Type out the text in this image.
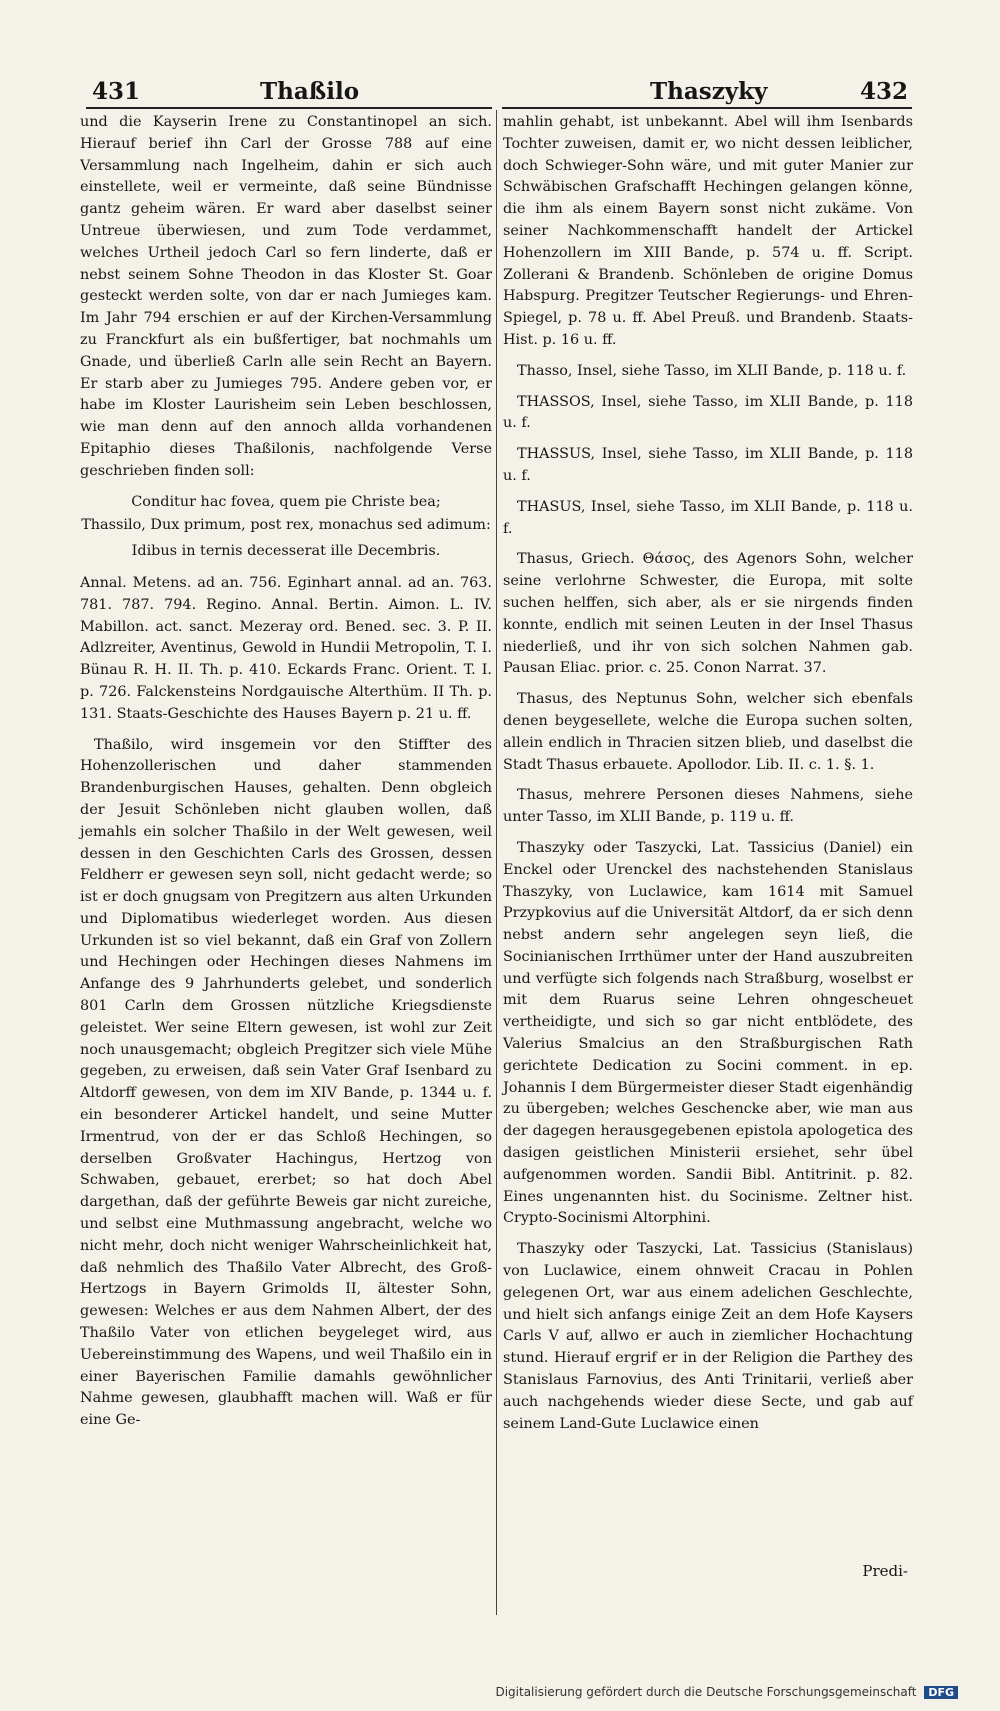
431	Thaßilo	Thaszyky	432

und die Kayserin Irene zu Constantinopel an sich. Hierauf berief ihn Carl der Grosse 788 auf eine Versammlung nach Ingelheim, dahin er sich auch einstellete, weil er vermeinte, daß seine Bündnisse gantz geheim wären. Er ward aber daselbst seiner Untreue überwiesen, und zum Tode verdammet, welches Urtheil jedoch Carl so fern linderte, daß er nebst seinem Sohne Theodon in das Kloster St. Goar gesteckt werden solte, von dar er nach Jumieges kam. Im Jahr 794 erschien er auf der Kirchen-Versammlung zu Franckfurt als ein bußfertiger, bat nochmahls um Gnade, und überließ Carln alle sein Recht an Bayern. Er starb aber zu Jumieges 795. Andere geben vor, er habe im Kloster Laurisheim sein Leben beschlossen, wie man denn auf den annoch allda vorhandenen Epitaphio dieses Thaßilonis, nachfolgende Verse geschrieben finden soll:

Conditur hac fovea, quem pie Christe bea;

Thassilo, Dux primum, post rex, monachus sed adimum:

Idibus in ternis decesserat ille Decembris.

Annal. Metens. ad an. 756. Eginhart annal. ad an. 763. 781. 787. 794. Regino. Annal. Bertin. Aimon. L. IV. Mabillon. act. sanct. Mezeray ord. Bened. sec. 3. P. II. Adlzreiter, Aventinus, Gewold in Hundii Metropolin, T. I. Bünau R. H. II. Th. p. 410. Eckards Franc. Orient. T. I. p. 726. Falckensteins Nordgauische Alterthüm. II Th. p. 131. Staats-Geschichte des Hauses Bayern p. 21 u. ff.

Thaßilo, wird insgemein vor den Stiffter des Hohenzollerischen und daher stammenden Brandenburgischen Hauses, gehalten. Denn obgleich der Jesuit Schönleben nicht glauben wollen, daß jemahls ein solcher Thaßilo in der Welt gewesen, weil dessen in den Geschichten Carls des Grossen, dessen Feldherr er gewesen seyn soll, nicht gedacht werde; so ist er doch gnugsam von Pregitzern aus alten Urkunden und Diplomatibus wiederleget worden. Aus diesen Urkunden ist so viel bekannt, daß ein Graf von Zollern und Hechingen oder Hechingen dieses Nahmens im Anfange des 9 Jahrhunderts gelebet, und sonderlich 801 Carln dem Grossen nützliche Kriegsdienste geleistet. Wer seine Eltern gewesen, ist wohl zur Zeit noch unausgemacht; obgleich Pregitzer sich viele Mühe gegeben, zu erweisen, daß sein Vater Graf Isenbard zu Altdorff gewesen, von dem im XIV Bande, p. 1344 u. f. ein besonderer Artickel handelt, und seine Mutter Irmentrud, von der er das Schloß Hechingen, so derselben Großvater Hachingus, Hertzog von Schwaben, gebauet, ererbet; so hat doch Abel dargethan, daß der geführte Beweis gar nicht zureiche, und selbst eine Muthmassung angebracht, welche wo nicht mehr, doch nicht weniger Wahrscheinlichkeit hat, daß nehmlich des Thaßilo Vater Albrecht, des Groß-Hertzogs in Bayern Grimolds II, ältester Sohn, gewesen: Welches er aus dem Nahmen Albert, der des Thaßilo Vater von etlichen beygeleget wird, aus Uebereinstimmung des Wapens, und weil Thaßilo ein in einer Bayerischen Familie damahls gewöhnlicher Nahme gewesen, glaubhafft machen will. Waß er für eine Ge-

mahlin gehabt, ist unbekannt. Abel will ihm Isenbards Tochter zuweisen, damit er, wo nicht dessen leiblicher, doch Schwieger-Sohn wäre, und mit guter Manier zur Schwäbischen Grafschafft Hechingen gelangen könne, die ihm als einem Bayern sonst nicht zukäme. Von seiner Nachkommenschafft handelt der Artickel Hohenzollern im XIII Bande, p. 574 u. ff. Script. Zollerani & Brandenb. Schönleben de origine Domus Habspurg. Pregitzer Teutscher Regierungs- und Ehren-Spiegel, p. 78 u. ff. Abel Preuß. und Brandenb. Staats-Hist. p. 16 u. ff.

Thasso, Insel, siehe Tasso, im XLII Bande, p. 118 u. f.

THASSOS, Insel, siehe Tasso, im XLII Bande, p. 118 u. f.

THASSUS, Insel, siehe Tasso, im XLII Bande, p. 118 u. f.

THASUS, Insel, siehe Tasso, im XLII Bande, p. 118 u. f.

Thasus, Griech. Θάσος, des Agenors Sohn, welcher seine verlohrne Schwester, die Europa, mit solte suchen helffen, sich aber, als er sie nirgends finden konnte, endlich mit seinen Leuten in der Insel Thasus niederließ, und ihr von sich solchen Nahmen gab. Pausan Eliac. prior. c. 25. Conon Narrat. 37.

Thasus, des Neptunus Sohn, welcher sich ebenfals denen beygesellete, welche die Europa suchen solten, allein endlich in Thracien sitzen blieb, und daselbst die Stadt Thasus erbauete. Apollodor. Lib. II. c. 1. §. 1.

Thasus, mehrere Personen dieses Nahmens, siehe unter Tasso, im XLII Bande, p. 119 u. ff.

Thaszyky oder Taszycki, Lat. Tassicius (Daniel) ein Enckel oder Urenckel des nachstehenden Stanislaus Thaszyky, von Luclawice, kam 1614 mit Samuel Przypkovius auf die Universität Altdorf, da er sich denn nebst andern sehr angelegen seyn ließ, die Socinianischen Irrthümer unter der Hand auszubreiten und verfügte sich folgends nach Straßburg, woselbst er mit dem Ruarus seine Lehren ohngescheuet vertheidigte, und sich so gar nicht entblödete, des Valerius Smalcius an den Straßburgischen Rath gerichtete Dedication zu Socini comment. in ep. Johannis I dem Bürgermeister dieser Stadt eigenhändig zu übergeben; welches Geschencke aber, wie man aus der dagegen herausgegebenen epistola apologetica des dasigen geistlichen Ministerii ersiehet, sehr übel aufgenommen worden. Sandii Bibl. Antitrinit. p. 82. Eines ungenannten hist. du Socinisme. Zeltner hist. Crypto-Socinismi Altorphini.

Thaszyky oder Taszycki, Lat. Tassicius (Stanislaus) von Luclawice, einem ohnweit Cracau in Pohlen gelegenen Ort, war aus einem adelichen Geschlechte, und hielt sich anfangs einige Zeit an dem Hofe Kaysers Carls V auf, allwo er auch in ziemlicher Hochachtung stund. Hierauf ergrif er in der Religion die Parthey des Stanislaus Farnovius, des Anti Trinitarii, verließ aber auch nachgehends wieder diese Secte, und gab auf seinem Land-Gute Luclawice einen

Predi-
Digitalisierung gefördert durch die Deutsche Forschungsgemeinschaft DFG
